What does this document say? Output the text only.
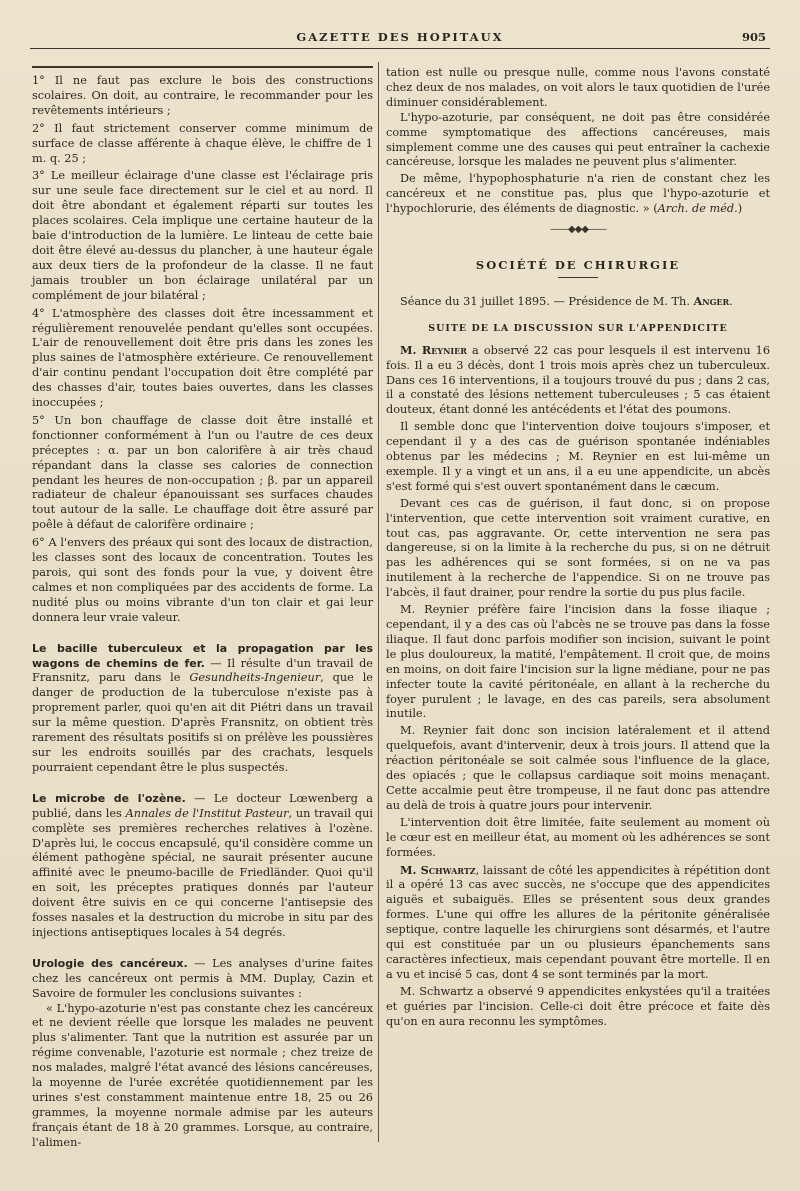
GAZETTE DES HOPITAUX	905

1° Il ne faut pas exclure le bois des constructions scolaires. On doit, au contraire, le recommander pour les revêtements intérieurs ;

2° Il faut strictement conserver comme minimum de surface de classe afférente à chaque élève, le chiffre de 1 m. q. 25 ;

3° Le meilleur éclairage d'une classe est l'éclairage pris sur une seule face directement sur le ciel et au nord. Il doit être abondant et également réparti sur toutes les places scolaires. Cela implique une certaine hauteur de la baie d'introduction de la lumière. Le linteau de cette baie doit être élevé au-dessus du plancher, à une hauteur égale aux deux tiers de la profondeur de la classe. Il ne faut jamais troubler un bon éclairage unilatéral par un complément de jour bilatéral ;

4° L'atmosphère des classes doit être incessamment et régulièrement renouvelée pendant qu'elles sont occupées. L'air de renouvellement doit être pris dans les zones les plus saines de l'atmosphère extérieure. Ce renouvellement d'air continu pendant l'occupation doit être complété par des chasses d'air, toutes baies ouvertes, dans les classes inoccupées ;

5° Un bon chauffage de classe doit être installé et fonctionner conformément à l'un ou l'autre de ces deux préceptes : α. par un bon calorifère à air très chaud répandant dans la classe ses calories de connection pendant les heures de non-occupation ; β. par un appareil radiateur de chaleur épanouissant ses surfaces chaudes tout autour de la salle. Le chauffage doit être assuré par poêle à défaut de calorifère ordinaire ;

6° A l'envers des préaux qui sont des locaux de distraction, les classes sont des locaux de concentration. Toutes les parois, qui sont des fonds pour la vue, y doivent être calmes et non compliquées par des accidents de forme. La nudité plus ou moins vibrante d'un ton clair et gai leur donnera leur vraie valeur.

Le bacille tuberculeux et la propagation par les wagons de chemins de fer. — Il résulte d'un travail de Fransnitz, paru dans le Gesundheits-Ingenieur, que le danger de production de la tuberculose n'existe pas à proprement parler, quoi qu'en ait dit Piétri dans un travail sur la même question. D'après Fransnitz, on obtient très rarement des résultats positifs si on prélève les poussières sur les endroits souillés par des crachats, lesquels pourraient cependant être le plus suspectés.

Le microbe de l'ozène. — Le docteur Lœwenberg a publié, dans les Annales de l'Institut Pasteur, un travail qui complète ses premières recherches relatives à l'ozène. D'après lui, le coccus encapsulé, qu'il considère comme un élément pathogène spécial, ne saurait présenter aucune affinité avec le pneumo-bacille de Friedländer. Quoi qu'il en soit, les préceptes pratiques donnés par l'auteur doivent être suivis en ce qui concerne l'antisepsie des fosses nasales et la destruction du microbe in situ par des injections antiseptiques locales à 54 degrés.

Urologie des cancéreux. — Les analyses d'urine faites chez les cancéreux ont permis à MM. Duplay, Cazin et Savoire de formuler les conclusions suivantes :

« L'hypo-azoturie n'est pas constante chez les cancéreux et ne devient réelle que lorsque les malades ne peuvent plus s'alimenter. Tant que la nutrition est assurée par un régime convenable, l'azoturie est normale ; chez treize de nos malades, malgré l'état avancé des lésions cancéreuses, la moyenne de l'urée excrétée quotidiennement par les urines s'est constamment maintenue entre 18, 25 ou 26 grammes, la moyenne normale admise par les auteurs français étant de 18 à 20 grammes. Lorsque, au contraire, l'alimen-

tation est nulle ou presque nulle, comme nous l'avons constaté chez deux de nos malades, on voit alors le taux quotidien de l'urée diminuer considérablement.

L'hypo-azoturie, par conséquent, ne doit pas être considérée comme symptomatique des affections cancéreuses, mais simplement comme une des causes qui peut entraîner la cachexie cancéreuse, lorsque les malades ne peuvent plus s'alimenter.

De même, l'hypophosphaturie n'a rien de constant chez les cancéreux et ne constitue pas, plus que l'hypo-azoturie et l'hypochlorurie, des éléments de diagnostic. » (Arch. de méd.)

——◆◆◆——
SOCIÉTÉ DE CHIRURGIE

Séance du 31 juillet 1895. — Présidence de M. Th. Anger.

SUITE DE LA DISCUSSION SUR L'APPENDICITE

M. Reynier a observé 22 cas pour lesquels il est intervenu 16 fois. Il a eu 3 décès, dont 1 trois mois après chez un tuberculeux. Dans ces 16 interventions, il a toujours trouvé du pus ; dans 2 cas, il a constaté des lésions nettement tuberculeuses ; 5 cas étaient douteux, étant donné les antécédents et l'état des poumons.

Il semble donc que l'intervention doive toujours s'imposer, et cependant il y a des cas de guérison spontanée indéniables obtenus par les médecins ; M. Reynier en est lui-même un exemple. Il y a vingt et un ans, il a eu une appendicite, un abcès s'est formé qui s'est ouvert spontanément dans le cæcum.

Devant ces cas de guérison, il faut donc, si on propose l'intervention, que cette intervention soit vraiment curative, en tout cas, pas aggravante. Or, cette intervention ne sera pas dangereuse, si on la limite à la recherche du pus, si on ne détruit pas les adhérences qui se sont formées, si on ne va pas inutilement à la recherche de l'appendice. Si on ne trouve pas l'abcès, il faut drainer, pour rendre la sortie du pus plus facile.

M. Reynier préfère faire l'incision dans la fosse iliaque ; cependant, il y a des cas où l'abcès ne se trouve pas dans la fosse iliaque. Il faut donc parfois modifier son incision, suivant le point le plus douloureux, la matité, l'empâtement. Il croit que, de moins en moins, on doit faire l'incision sur la ligne médiane, pour ne pas infecter toute la cavité péritonéale, en allant à la recherche du foyer purulent ; le lavage, en des cas pareils, sera absolument inutile.

M. Reynier fait donc son incision latéralement et il attend quelquefois, avant d'intervenir, deux à trois jours. Il attend que la réaction péritonéale se soit calmée sous l'influence de la glace, des opiacés ; que le collapsus cardiaque soit moins menaçant. Cette accalmie peut être trompeuse, il ne faut donc pas attendre au delà de trois à quatre jours pour intervenir.

L'intervention doit être limitée, faite seulement au moment où le cœur est en meilleur état, au moment où les adhérences se sont formées.

M. Schwartz, laissant de côté les appendicites à répétition dont il a opéré 13 cas avec succès, ne s'occupe que des appendicites aiguës et subaiguës. Elles se présentent sous deux grandes formes. L'une qui offre les allures de la péritonite généralisée septique, contre laquelle les chirurgiens sont désarmés, et l'autre qui est constituée par un ou plusieurs épanchements sans caractères infectieux, mais cependant pouvant être mortelle. Il en a vu et incisé 5 cas, dont 4 se sont terminés par la mort.

M. Schwartz a observé 9 appendicites enkystées qu'il a traitées et guéries par l'incision. Celle-ci doit être précoce et faite dès qu'on en aura reconnu les symptômes.
